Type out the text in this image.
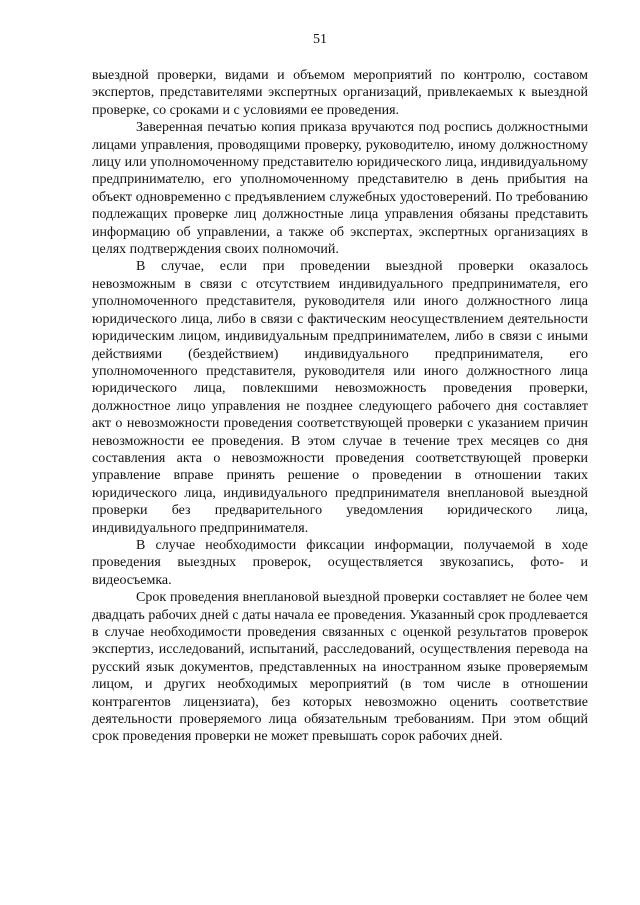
51

выездной проверки, видами и объемом мероприятий по контролю, составом экспертов, представителями экспертных организаций, привлекаемых к выездной проверке, со сроками и с условиями ее проведения.

Заверенная печатью копия приказа вручаются под роспись должностными лицами управления, проводящими проверку, руководителю, иному должностному лицу или уполномоченному представителю юридического лица, индивидуальному предпринимателю, его уполномоченному представителю в день прибытия на объект одновременно с предъявлением служебных удостоверений. По требованию подлежащих проверке лиц должностные лица управления обязаны представить информацию об управлении, а также об экспертах, экспертных организациях в целях подтверждения своих полномочий.

В случае, если при проведении выездной проверки оказалось невозможным в связи с отсутствием индивидуального предпринимателя, его уполномоченного представителя, руководителя или иного должностного лица юридического лица, либо в связи с фактическим неосуществлением деятельности юридическим лицом, индивидуальным предпринимателем, либо в связи с иными действиями (бездействием) индивидуального предпринимателя, его уполномоченного представителя, руководителя или иного должностного лица юридического лица, повлекшими невозможность проведения проверки, должностное лицо управления не позднее следующего рабочего дня составляет акт о невозможности проведения соответствующей проверки с указанием причин невозможности ее проведения. В этом случае в течение трех месяцев со дня составления акта о невозможности проведения соответствующей проверки управление вправе принять решение о проведении в отношении таких юридического лица, индивидуального предпринимателя внеплановой выездной проверки без предварительного уведомления юридического лица, индивидуального предпринимателя.

В случае необходимости фиксации информации, получаемой в ходе проведения выездных проверок, осуществляется звукозапись, фото- и видеосъемка.

Срок проведения внеплановой выездной проверки составляет не более чем двадцать рабочих дней с даты начала ее проведения. Указанный срок продлевается в случае необходимости проведения связанных с оценкой результатов проверок экспертиз, исследований, испытаний, расследований, осуществления перевода на русский язык документов, представленных на иностранном языке проверяемым лицом, и других необходимых мероприятий (в том числе в отношении контрагентов лицензиата), без которых невозможно оценить соответствие деятельности проверяемого лица обязательным требованиям. При этом общий срок проведения проверки не может превышать сорок рабочих дней.
